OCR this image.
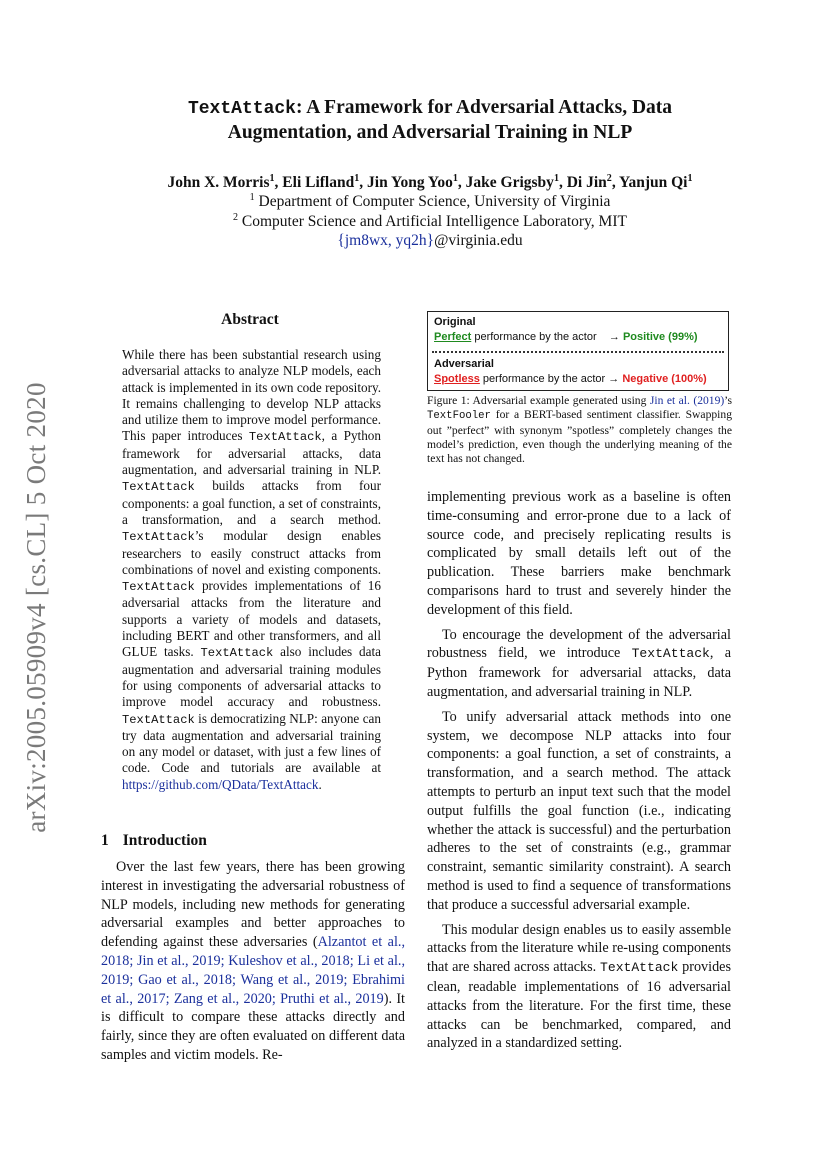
arXiv:2005.05909v4 [cs.CL] 5 Oct 2020
TextAttack: A Framework for Adversarial Attacks, Data
Augmentation, and Adversarial Training in NLP
John X. Morris$^1$, Eli Lifland$^1$, Jin Yong Yoo$^1$, Jake Grigsby$^1$, Di Jin$^2$, Yanjun Qi$^1$
$^1$ Department of Computer Science, University of Virginia
$^2$ Computer Science and Artificial Intelligence Laboratory, MIT
{jm8wx, yq2h}@virginia.edu
Abstract
While there has been substantial research using adversarial attacks to analyze NLP models, each attack is implemented in its own code repository. It remains challenging to develop NLP attacks and utilize them to improve model performance. This paper introduces TextAttack, a Python framework for adversarial attacks, data augmentation, and adversarial training in NLP. TextAttack builds attacks from four components: a goal function, a set of constraints, a transformation, and a search method. TextAttack’s modular design enables researchers to easily construct attacks from combinations of novel and existing components. TextAttack provides implementations of 16 adversarial attacks from the literature and supports a variety of models and datasets, including BERT and other transformers, and all GLUE tasks. TextAttack also includes data augmentation and adversarial training modules for using components of adversarial attacks to improve model accuracy and robustness. TextAttack is democratizing NLP: anyone can try data augmentation and adversarial training on any model or dataset, with just a few lines of code. Code and tutorials are available at https://github.com/QData/TextAttack.
1 Introduction

Over the last few years, there has been growing interest in investigating the adversarial robustness of NLP models, including new methods for generating adversarial examples and better approaches to defending against these adversaries (Alzantot et al., 2018; Jin et al., 2019; Kuleshov et al., 2018; Li et al., 2019; Gao et al., 2018; Wang et al., 2019; Ebrahimi et al., 2017; Zang et al., 2020; Pruthi et al., 2019). It is difficult to compare these attacks directly and fairly, since they are often evaluated on different data samples and victim models. Re-

Original
Perfect performance by the actor → Positive (99%)
Adversarial
Spotless performance by the actor → Negative (100%)
Figure 1: Adversarial example generated using Jin et al. (2019)’s TextFooler for a BERT-based sentiment classifier. Swapping out ”perfect” with synonym ”spotless” completely changes the model’s prediction, even though the underlying meaning of the text has not changed.

implementing previous work as a baseline is often time-consuming and error-prone due to a lack of source code, and precisely replicating results is complicated by small details left out of the publication. These barriers make benchmark comparisons hard to trust and severely hinder the development of this field.

To encourage the development of the adversarial robustness field, we introduce TextAttack, a Python framework for adversarial attacks, data augmentation, and adversarial training in NLP.

To unify adversarial attack methods into one system, we decompose NLP attacks into four components: a goal function, a set of constraints, a transformation, and a search method. The attack attempts to perturb an input text such that the model output fulfills the goal function (i.e., indicating whether the attack is successful) and the perturbation adheres to the set of constraints (e.g., grammar constraint, semantic similarity constraint). A search method is used to find a sequence of transformations that produce a successful adversarial example.

This modular design enables us to easily assemble attacks from the literature while re-using components that are shared across attacks. TextAttack provides clean, readable implementations of 16 adversarial attacks from the literature. For the first time, these attacks can be benchmarked, compared, and analyzed in a standardized setting.
